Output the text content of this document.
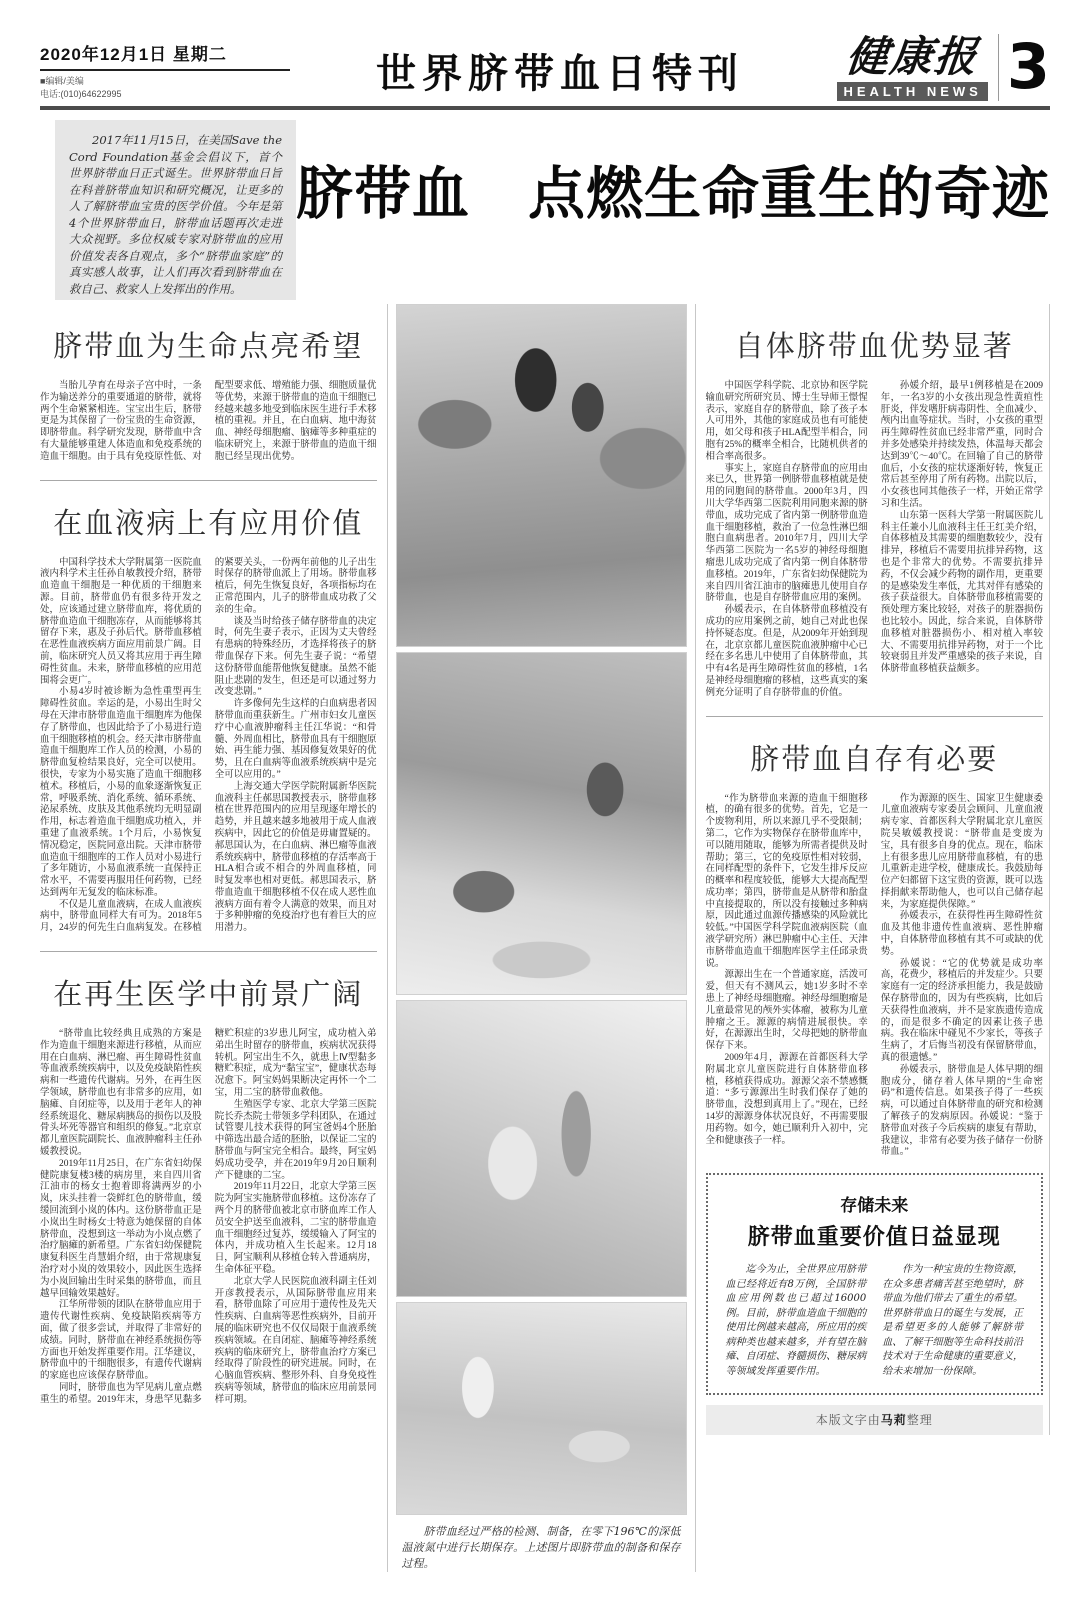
2020年12月1日 星期二
■编辑/美编
电话:(010)64622995	世界脐带血日特刊	健康报
HEALTH NEWS 3
2017年11月15日，在美国Save the Cord Foundation基金会倡议下，首个世界脐带血日正式诞生。世界脐带血日旨在科普脐带血知识和研究概况，让更多的人了解脐带血宝贵的医学价值。今年是第4个世界脐带血日，脐带血话题再次走进大众视野。多位权威专家对脐带血的应用价值发表各自观点，多个“脐带血家庭”的真实感人故事，让人们再次看到脐带血在救自己、救家人上发挥出的作用。
脐带血　点燃生命重生的奇迹
脐带血为生命点亮希望

当胎儿孕育在母亲子宫中时，一条作为输送养分的重要通道的脐带，就将两个生命紧紧相连。宝宝出生后，脐带更是为其保留了一份宝贵的生命资源，即脐带血。科学研究发现，脐带血中含有大量能够重建人体造血和免疫系统的造血干细胞。由于具有免疫原性低、对配型要求低、增殖能力强、细胞质量优等优势，来源于脐带血的造血干细胞已经越来越多地受到临床医生进行手术移植的重视。并且，在白血病、地中海贫血、神经母细胞瘤、脑瘫等多种重症的临床研究上，来源于脐带血的造血干细胞已经呈现出优势。

在血液病上有应用价值

中国科学技术大学附属第一医院血液内科学术主任孙自敏教授介绍，脐带血造血干细胞是一种优质的干细胞来源。目前，脐带血仍有很多待开发之处，应该通过建立脐带血库，将优质的脐带血造血干细胞冻存，从而能够将其留存下来，惠及子孙后代。脐带血移植在恶性血液疾病方面应用前景广阔。目前，临床研究人员又将其应用于再生障碍性贫血。未来，脐带血移植的应用范围将会更广。

小易4岁时被诊断为急性重型再生障碍性贫血。幸运的是，小易出生时父母在天津市脐带血造血干细胞库为他保存了脐带血，也因此给予了小易进行造血干细胞移植的机会。经天津市脐带血造血干细胞库工作人员的检测，小易的脐带血复检结果良好，完全可以使用。很快，专家为小易实施了造血干细胞移植术。移植后，小易的血象逐渐恢复正常，呼吸系统、消化系统、循环系统、泌尿系统、皮肤及其他系统均无明显副作用，标志着造血干细胞成功植入，并重建了血液系统。1个月后，小易恢复情况稳定，医院同意出院。天津市脐带血造血干细胞库的工作人员对小易进行了多年随访，小易血液系统一直保持正常水平，不需要再服用任何药物，已经达到两年无复发的临床标准。

不仅是儿童血液病，在成人血液疾病中，脐带血同样大有可为。2018年5月，24岁的何先生白血病复发。在移植的紧要关头，一份两年前他的儿子出生时保存的脐带血派上了用场。脐带血移植后，何先生恢复良好，各项指标均在正常范围内，儿子的脐带血成功救了父亲的生命。

谈及当时给孩子储存脐带血的决定时，何先生妻子表示，正因为丈夫曾经有患病的特殊经历，才选择将孩子的脐带血保存下来。何先生妻子说：“希望这份脐带血能帮他恢复健康。虽然不能阻止悲剧的发生，但还是可以通过努力改变悲剧。”

许多像何先生这样的白血病患者因脐带血而重获新生。广州市妇女儿童医疗中心血液肿瘤科主任江华说：“和骨髓、外周血相比，脐带血具有干细胞原始、再生能力强、基因修复效果好的优势，且在白血病等血液系统疾病中是完全可以应用的。”

上海交通大学医学院附属新华医院血液科主任郝思国教授表示，脐带血移植在世界范围内的应用呈现逐年增长的趋势，并且越来越多地被用于成人血液疾病中，因此它的价值是毋庸置疑的。郝思国认为，在白血病、淋巴瘤等血液系统疾病中，脐带血移植的存活率高于HLA相合或不相合的外周血移植，同时复发率也相对更低。郝思国表示，脐带血造血干细胞移植不仅在成人恶性血液病方面有着令人满意的效果，而且对于多种肿瘤的免疫治疗也有着巨大的应用潜力。

在再生医学中前景广阔

“脐带血比较经典且成熟的方案是作为造血干细胞来源进行移植，从而应用在白血病、淋巴瘤、再生障碍性贫血等血液系统疾病中，以及免疫缺陷性疾病和一些遗传代谢病。另外，在再生医学领域，脐带血也有非常多的应用，如脑瘫、自闭症等，以及用于老年人的神经系统退化、糖尿病胰岛的损伤以及股骨头坏死等器官和组织的修复。”北京京都儿童医院副院长、血液肿瘤科主任孙媛教授说。

2019年11月25日，在广东省妇幼保健院康复楼3楼的病房里，来自四川省江油市的杨女士抱着即将满两岁的小岚，床头挂着一袋鲜红色的脐带血，缓缓回流到小岚的体内。这份脐带血正是小岚出生时杨女士特意为她保留的自体脐带血，没想到这一举动为小岚点燃了治疗脑瘫的新希望。广东省妇幼保健院康复科医生肖慧娟介绍，由于常规康复治疗对小岚的效果较小，因此医生选择为小岚回输出生时采集的脐带血，而且越早回输效果越好。

江华所带领的团队在脐带血应用于遗传代谢性疾病、免疫缺陷疾病等方面，做了很多尝试，并取得了非常好的成绩。同时，脐带血在神经系统损伤等方面也开始发挥重要作用。江华建议，脐带血中的干细胞很多，有遗传代谢病的家庭也应该保存脐带血。

同时，脐带血也为罕见病儿童点燃重生的希望。2019年末，身患罕见黏多糖贮积症的3岁患儿阿宝，成功植入弟弟出生时留存的脐带血，疾病状况获得转机。阿宝出生不久，就患上Ⅳ型黏多糖贮积症，成为“黏宝宝”，健康状态每况愈下。阿宝妈妈果断决定再怀一个二宝，用二宝的脐带血救他。

生殖医学专家、北京大学第三医院院长乔杰院士带领多学科团队，在通过试管婴儿技术获得的阿宝爸妈4个胚胎中筛选出最合适的胚胎，以保证二宝的脐带血与阿宝完全相合。最终，阿宝妈妈成功受孕，并在2019年9月20日顺利产下健康的二宝。

2019年11月22日，北京大学第三医院为阿宝实施脐带血移植。这份冻存了两个月的脐带血被北京市脐血库工作人员安全护送至血液科，二宝的脐带血造血干细胞经过复苏，缓缓输入了阿宝的体内，并成功植入生长起来。12月18日，阿宝顺利从移植仓转入普通病房，生命体征平稳。

北京大学人民医院血液科副主任刘开彦教授表示，从国际脐带血应用来看，脐带血除了可应用于遗传性及先天性疾病、白血病等恶性疾病外，目前开展的临床研究也不仅仅局限于血液系统疾病领域。在自闭症、脑瘫等神经系统疾病的临床研究上，脐带血治疗方案已经取得了阶段性的研究进展。同时，在心脑血管疾病、整形外科、自身免疫性疾病等领域，脐带血的临床应用前景同样可期。

脐带血经过严格的检测、制备，在零下196℃的深低温液氮中进行长期保存。上述图片即脐带血的制备和保存过程。
自体脐带血优势显著

中国医学科学院、北京协和医学院输血研究所研究员、博士生导师王憬惺表示，家庭自存的脐带血，除了孩子本人可用外，其他的家庭成员也有可能使用，如父母和孩子HLA配型半相合，同胞有25%的概率全相合，比随机供者的相合率高很多。

事实上，家庭自存脐带血的应用由来已久，世界第一例脐带血移植就是使用的同胞间的脐带血。2000年3月，四川大学华西第二医院利用同胞来源的脐带血，成功完成了省内第一例脐带血造血干细胞移植，救治了一位急性淋巴细胞白血病患者。2010年7月，四川大学华西第二医院为一名5岁的神经母细胞瘤患儿成功完成了省内第一例自体脐带血移植。2019年，广东省妇幼保健院为来自四川省江油市的脑瘫患儿使用自存脐带血，也是自存脐带血应用的案例。

孙媛表示，在自体脐带血移植没有成功的应用案例之前，她自己对此也保持怀疑态度。但是，从2009年开始到现在，北京京都儿童医院血液肿瘤中心已经在多名患儿中使用了自体脐带血，其中有4名是再生障碍性贫血的移植，1名是神经母细胞瘤的移植，这些真实的案例充分证明了自存脐带血的价值。

孙媛介绍，最早1例移植是在2009年，一名3岁的小女孩出现急性黄疸性肝炎，伴发嗜肝病毒阴性、全血减少、颅内出血等症状。当时，小女孩的重型再生障碍性贫血已经非常严重，同时合并多处感染并持续发热，体温每天都会达到39℃～40℃。在回输了自己的脐带血后，小女孩的症状逐渐好转，恢复正常后甚至停用了所有药物。出院以后，小女孩也同其他孩子一样，开始正常学习和生活。

山东第一医科大学第一附属医院儿科主任兼小儿血液科主任王红美介绍，自体移植及其需要的细胞数较少，没有排异，移植后不需要用抗排异药物，这也是个非常大的优势。不需要抗排异药，不仅会减少药物的副作用，更重要的是感染发生率低，尤其对伴有感染的孩子获益很大。自体脐带血移植需要的预处理方案比较轻，对孩子的脏器损伤也比较小。因此，综合来说，自体脐带血移植对脏器损伤小、相对植入率较大、不需要用抗排异药物，对于一个比较衰弱且并发严重感染的孩子来说，自体脐带血移植获益颇多。

脐带血自存有必要

“作为脐带血来源的造血干细胞移植，的确有很多的优势。首先，它是一个废物利用，所以来源几乎不受限制；第二，它作为实物保存在脐带血库中，可以随用随取，能够为所需者提供及时帮助；第三，它的免疫原性相对较弱，在同样配型的条件下，它发生排斥反应的概率和程度较低，能够大大提高配型成功率；第四，脐带血是从脐带和胎盘中直接提取的，所以没有接触过多种病原，因此通过血源传播感染的风险就比较低。”中国医学科学院血液病医院（血液学研究所）淋巴肿瘤中心主任、天津市脐带血造血干细胞库医学主任邱录贵说。

源源出生在一个普通家庭，活泼可爱，但天有不测风云，她1岁多时不幸患上了神经母细胞瘤。神经母细胞瘤是儿童最常见的颅外实体瘤，被称为儿童肿瘤之王。源源的病情进展很快。幸好，在源源出生时，父母把她的脐带血保存下来。

2009年4月，源源在首都医科大学附属北京儿童医院进行自体脐带血移植，移植获得成功。源源父亲不禁感慨道：“多亏源源出生时我们保存了她的脐带血，没想到真用上了。”现在，已经14岁的源源身体状况良好，不再需要服用药物。如今，她已顺利升入初中，完全和健康孩子一样。

作为源源的医生、国家卫生健康委儿童血液病专家委员会顾问、儿童血液病专家、首都医科大学附属北京儿童医院吴敏媛教授说：“脐带血是变废为宝，具有很多自身的优点。现在，临床上有很多患儿应用脐带血移植，有的患儿重新走进学校，健康成长。我鼓励每位产妇都留下这宝贵的资源，既可以选择捐献来帮助他人，也可以自己储存起来，为家庭提供保障。”

孙媛表示，在获得性再生障碍性贫血及其他非遗传性血液病、恶性肿瘤中，自体脐带血移植有其不可或缺的优势。

孙媛说：“它的优势就是成功率高，花费少，移植后的并发症少。只要家庭有一定的经济承担能力，我是鼓励保存脐带血的，因为有些疾病，比如后天获得性血液病，并不是家族遗传造成的，而是很多不确定的因素让孩子患病。我在临床中碰见不少家长，等孩子生病了，才后悔当初没有保留脐带血，真的很遗憾。”

孙媛表示，脐带血是人体早期的细胞成分，储存着人体早期的“生命密码”和遗传信息。如果孩子得了一些疾病，可以通过自体脐带血的研究和检测了解孩子的发病原因。孙媛说：“鉴于脐带血对孩子今后疾病的康复有帮助，我建议，非常有必要为孩子储存一份脐带血。”

存储未来
脐带血重要价值日益显现

迄今为止，全世界应用脐带血已经将近有8万例，全国脐带血应用例数也已超过16000例。目前，脐带血造血干细胞的使用比例越来越高，所应用的疾病种类也越来越多，并有望在脑瘫、自闭症、脊髓损伤、糖尿病等领域发挥重要作用。

作为一种宝贵的生物资源，在众多患者痛苦甚至绝望时，脐带血为他们带去了重生的希望。世界脐带血日的诞生与发展，正是希望更多的人能够了解脐带血、了解干细胞等生命科技前沿技术对于生命健康的重要意义，给未来增加一份保障。

本版文字由马莉整理
